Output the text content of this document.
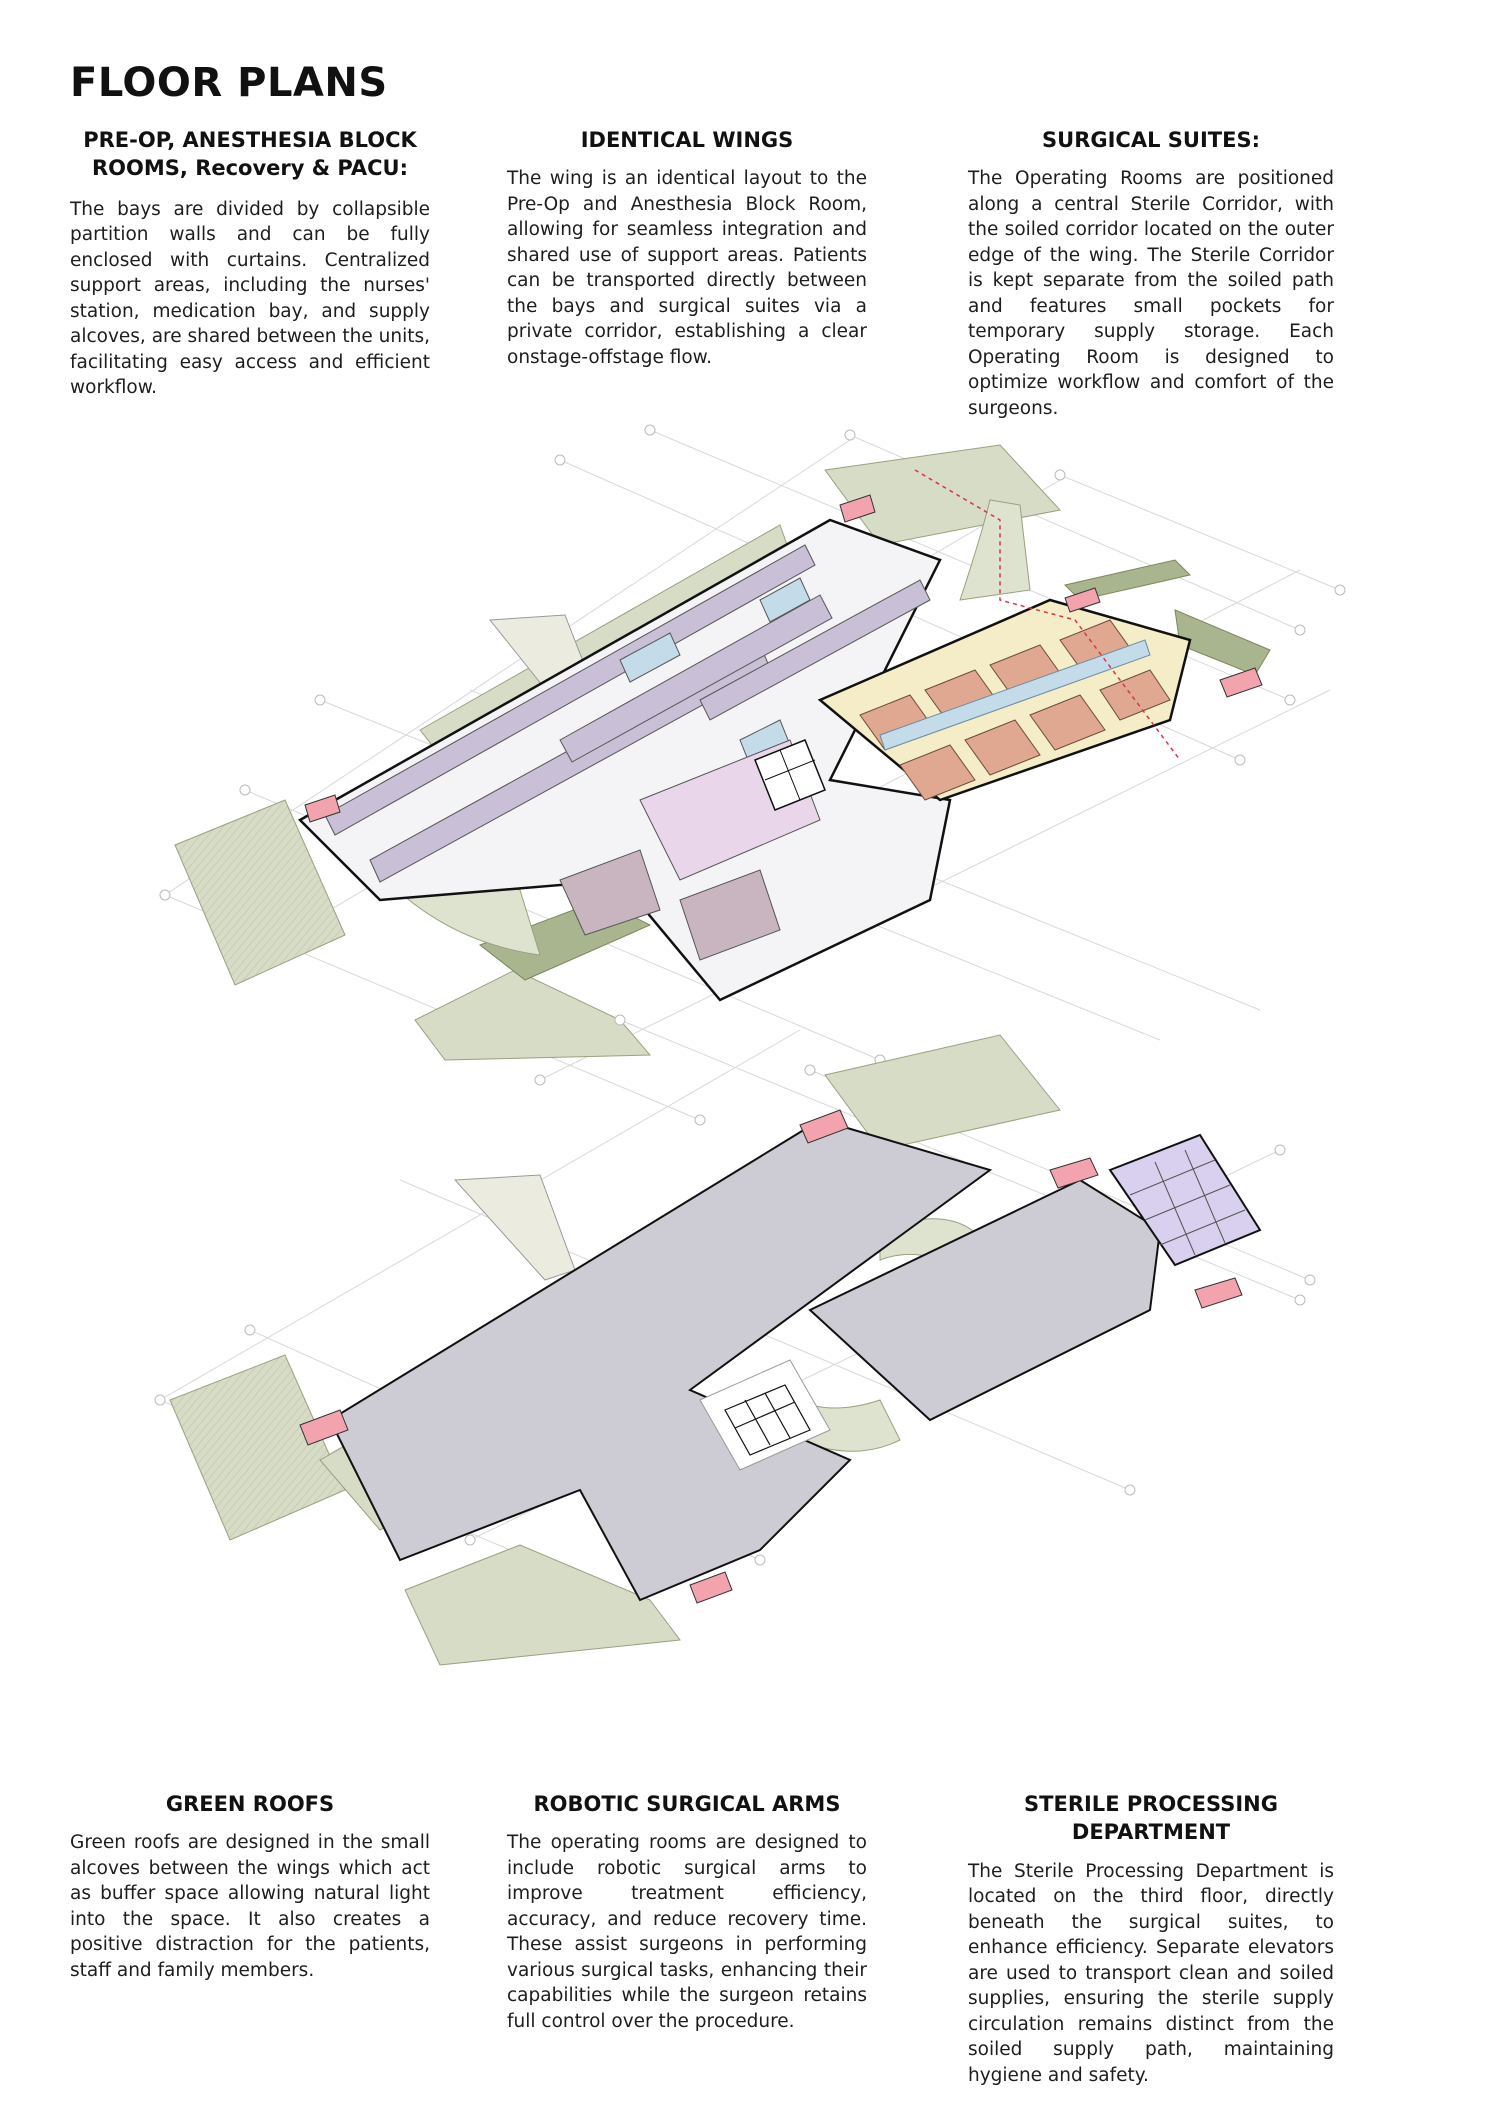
FLOOR PLANS
PRE-OP, ANESTHESIA BLOCK
ROOMS, Recovery & PACU:

The bays are divided by collapsible partition walls and can be fully enclosed with curtains. Centralized support areas, including the nurses' station, medication bay, and supply alcoves, are shared between the units, facilitating easy access and efficient workflow.

IDENTICAL WINGS

The wing is an identical layout to the Pre-Op and Anesthesia Block Room, allowing for seamless integration and shared use of support areas. Patients can be transported directly between the bays and surgical suites via a private corridor, establishing a clear onstage-offstage flow.

SURGICAL SUITES:

The Operating Rooms are positioned along a central Sterile Corridor, with the soiled corridor located on the outer edge of the wing. The Sterile Corridor is kept separate from the soiled path and features small pockets for temporary supply storage. Each Operating Room is designed to optimize workflow and comfort of the surgeons.

GREEN ROOFS

Green roofs are designed in the small alcoves between the wings which act as buffer space allowing natural light into the space. It also creates a positive distraction for the patients, staff and family members.

ROBOTIC SURGICAL ARMS

The operating rooms are designed to include robotic surgical arms to improve treatment efficiency, accuracy, and reduce recovery time. These assist surgeons in performing various surgical tasks, enhancing their capabilities while the surgeon retains full control over the procedure.

STERILE PROCESSING DEPARTMENT

The Sterile Processing Department is located on the third floor, directly beneath the surgical suites, to enhance efficiency. Separate elevators are used to transport clean and soiled supplies, ensuring the sterile supply circulation remains distinct from the soiled supply path, maintaining hygiene and safety.
